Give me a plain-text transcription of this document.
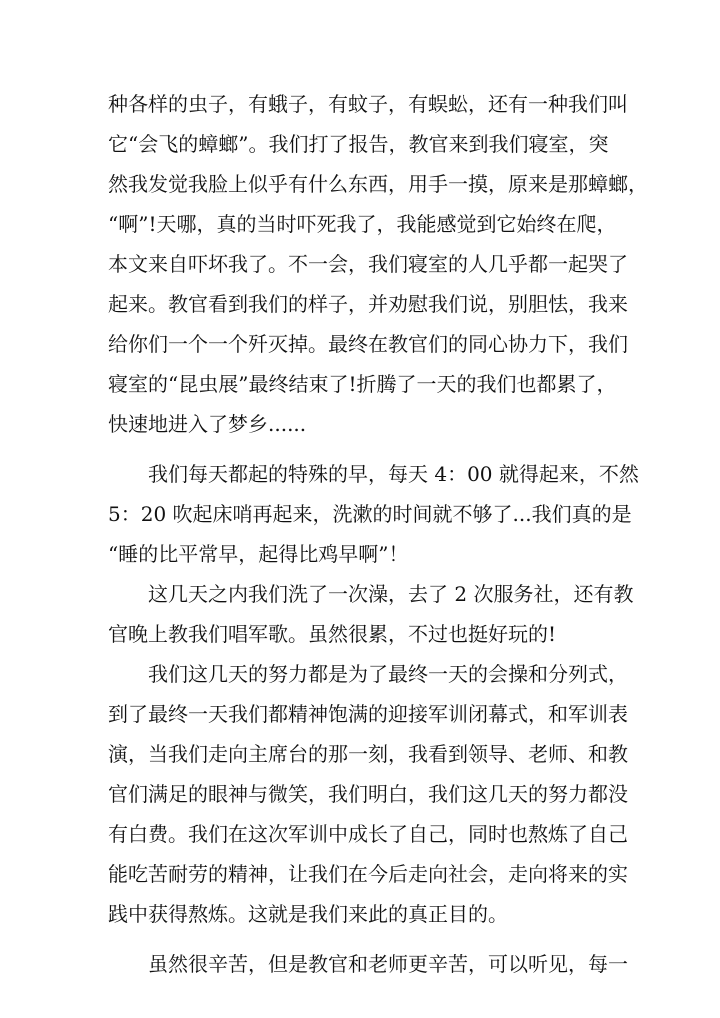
种各样的虫子，有蛾子，有蚊子，有蜈蚣，还有一种我们叫
它“会飞的蟑螂”。我们打了报告，教官来到我们寝室，突
然我发觉我脸上似乎有什么东西，用手一摸，原来是那蟑螂，
“啊”!天哪，真的当时吓死我了，我能感觉到它始终在爬，
本文来自吓坏我了。不一会，我们寝室的人几乎都一起哭了
起来。教官看到我们的样子，并劝慰我们说，别胆怯，我来
给你们一个一个歼灭掉。最终在教官们的同心协力下，我们
寝室的“昆虫展”最终结束了!折腾了一天的我们也都累了，
快速地进入了梦乡......
我们每天都起的特殊的早，每天 4：00 就得起来，不然
5：20 吹起床哨再起来，洗漱的时间就不够了...我们真的是
“睡的比平常早，起得比鸡早啊”！
这几天之内我们洗了一次澡，去了 2 次服务社，还有教
官晚上教我们唱军歌。虽然很累，不过也挺好玩的!
我们这几天的努力都是为了最终一天的会操和分列式，
到了最终一天我们都精神饱满的迎接军训闭幕式，和军训表
演，当我们走向主席台的那一刻，我看到领导、老师、和教
官们满足的眼神与微笑，我们明白，我们这几天的努力都没
有白费。我们在这次军训中成长了自己，同时也熬炼了自己
能吃苦耐劳的精神，让我们在今后走向社会，走向将来的实
践中获得熬炼。这就是我们来此的真正目的。
虽然很辛苦，但是教官和老师更辛苦，可以听见，每一
